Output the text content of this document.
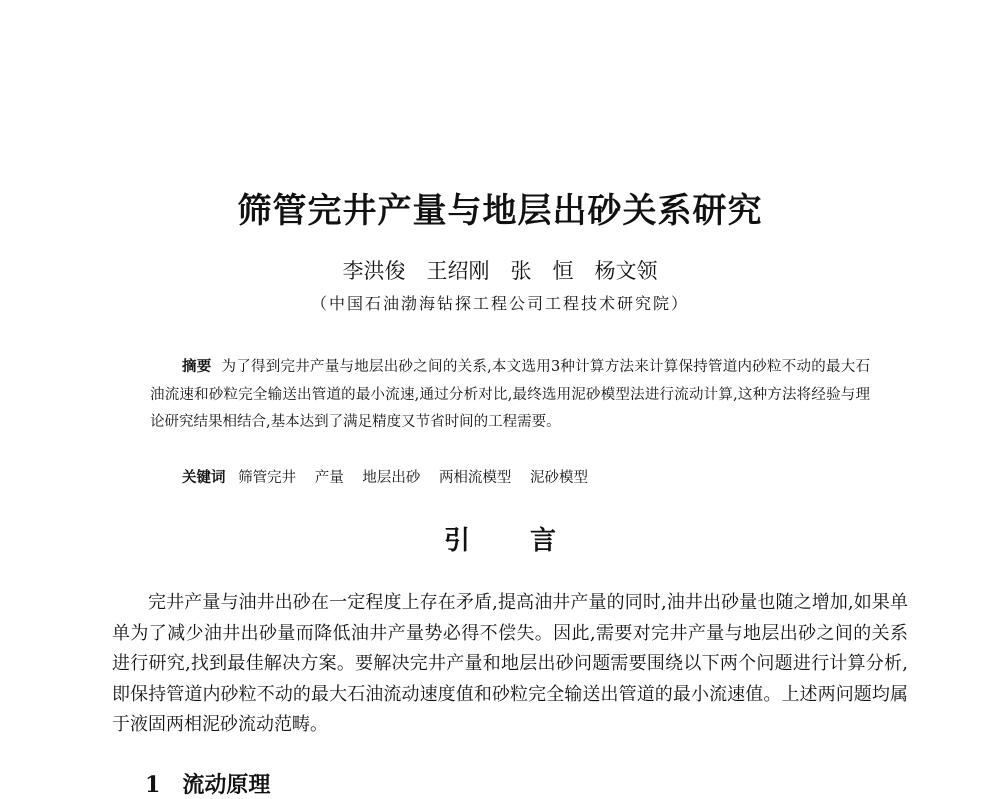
筛管完井产量与地层出砂关系研究
李洪俊　王绍刚　张　恒　杨文领
（中国石油渤海钻探工程公司工程技术研究院）
摘要 为了得到完井产量与地层出砂之间的关系,本文选用3种计算方法来计算保持管道内砂粒不动的最大石油流速和砂粒完全输送出管道的最小流速,通过分析对比,最终选用泥砂模型法进行流动计算,这种方法将经验与理论研究结果相结合,基本达到了满足精度又节省时间的工程需要。
关键词 筛管完井 产量 地层出砂 两相流模型 泥砂模型
引言
完井产量与油井出砂在一定程度上存在矛盾,提高油井产量的同时,油井出砂量也随之增加,如果单单为了减少油井出砂量而降低油井产量势必得不偿失。因此,需要对完井产量与地层出砂之间的关系进行研究,找到最佳解决方案。要解决完井产量和地层出砂问题需要围绕以下两个问题进行计算分析,即保持管道内砂粒不动的最大石油流动速度值和砂粒完全输送出管道的最小流速值。上述两问题均属于液固两相泥砂流动范畴。
1 流动原理
